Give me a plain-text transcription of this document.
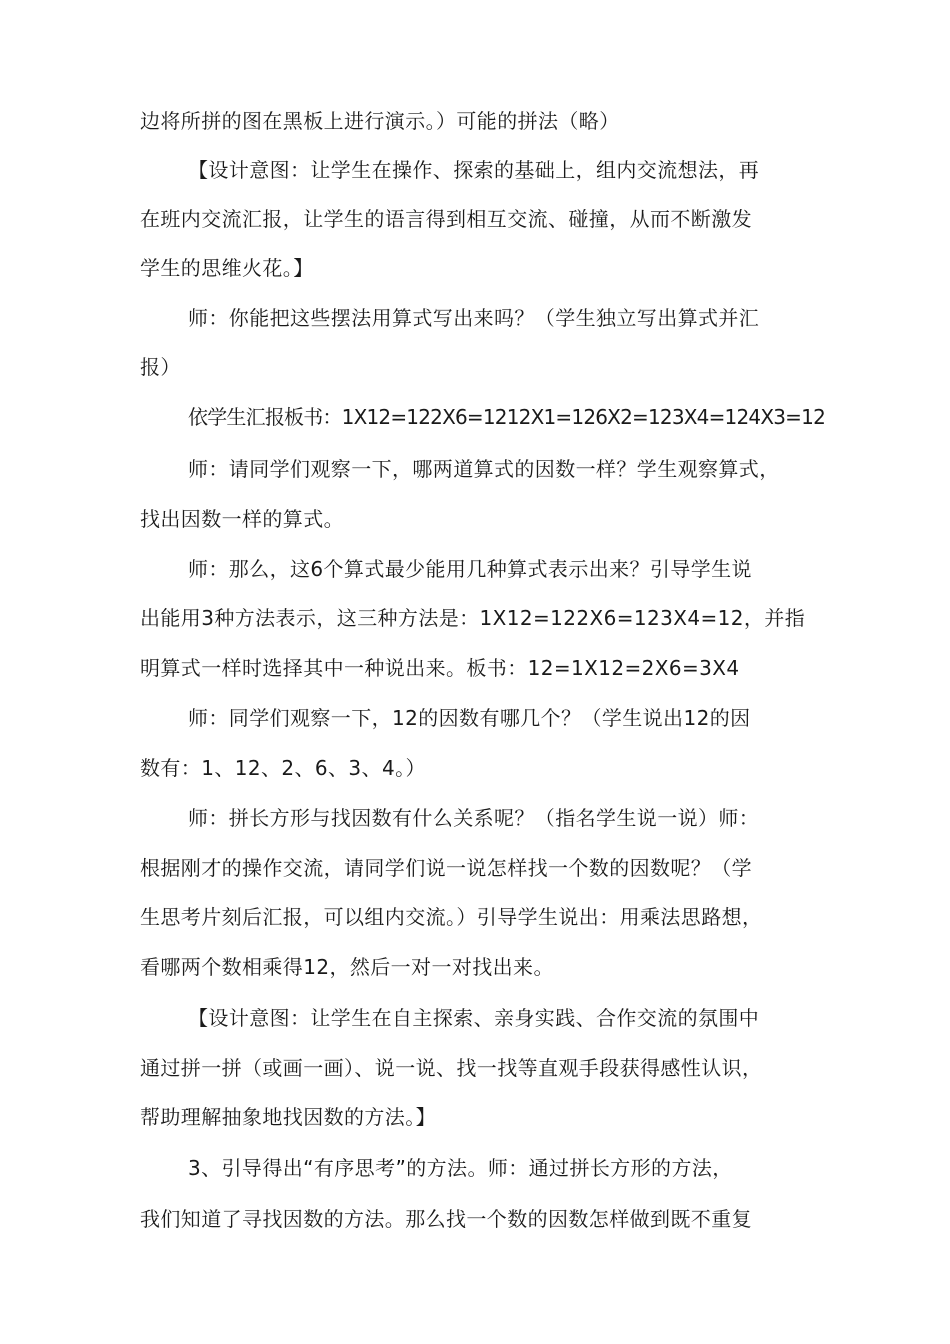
边将所拼的图在黑板上进行演示。）可能的拼法（略）
【设计意图：让学生在操作、探索的基础上，组内交流想法，再
在班内交流汇报，让学生的语言得到相互交流、碰撞，从而不断激发
学生的思维火花。】
师：你能把这些摆法用算式写出来吗？（学生独立写出算式并汇
报）
依学生汇报板书：1X12=122X6=1212X1=126X2=123X4=124X3=12
师：请同学们观察一下，哪两道算式的因数一样？学生观察算式，
找出因数一样的算式。
师：那么，这6个算式最少能用几种算式表示出来？引导学生说
出能用3种方法表示，这三种方法是：1X12=122X6=123X4=12，并指
明算式一样时选择其中一种说出来。板书：12=1X12=2X6=3X4
师：同学们观察一下，12的因数有哪几个？（学生说出12的因
数有：1、12、2、6、3、4。）
师：拼长方形与找因数有什么关系呢？（指名学生说一说）师：
根据刚才的操作交流，请同学们说一说怎样找一个数的因数呢？（学
生思考片刻后汇报，可以组内交流。）引导学生说出：用乘法思路想，
看哪两个数相乘得12，然后一对一对找出来。
【设计意图：让学生在自主探索、亲身实践、合作交流的氛围中
通过拼一拼（或画一画）、说一说、找一找等直观手段获得感性认识，
帮助理解抽象地找因数的方法。】
3、引导得出“有序思考”的方法。师：通过拼长方形的方法，
我们知道了寻找因数的方法。那么找一个数的因数怎样做到既不重复
